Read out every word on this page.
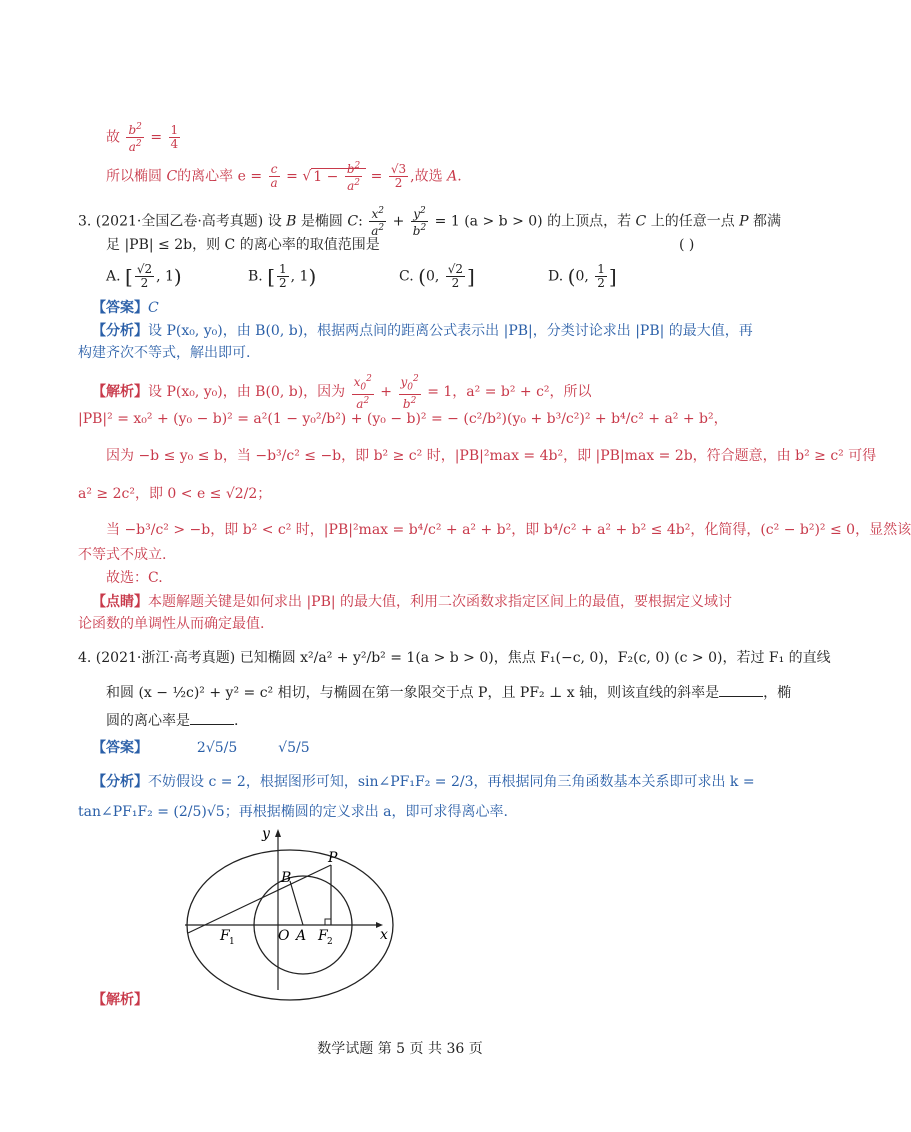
故 $\frac{b^2}{a^2} = \frac{1}{4}$
所以椭圆 C的离心率 $e = \frac{c}{a}$ = √ $1 - \frac{b^2}{a^2} = \frac{√3}{2}$ ,故选 A.
3. (2021·全国乙卷·高考真题) 设 B 是椭圆 C: $\frac{x^2}{a^2} + \frac{y^2}{b^2} = 1$ (a > b > 0) 的上顶点，若 C 上的任意一点 P 都满
足 |PB| ≤ 2b，则 C 的离心率的取值范围是	( )
A. [ $\frac{√2}{2}$ , 1)	B. [ $\frac{1}{2}$ , 1)	C. (0, $\frac{√2}{2}$ ]	D. (0, $\frac{1}{2}$ ]
【答案】C
【分析】设 P(x₀, y₀)，由 B(0, b)，根据两点间的距离公式表示出 |PB|，分类讨论求出 |PB| 的最大值，再
构建齐次不等式，解出即可.
【解析】设 P(x₀, y₀)，由 B(0, b)，因为 $\frac{x_0^2}{a^2} + \frac{y_0^2}{b^2} = 1$，a² = b² + c²，所以
|PB|² = x₀² + (y₀ − b)² = a²(1 − y₀²/b²) + (y₀ − b)² = − (c²/b²)(y₀ + b³/c²)² + b⁴/c² + a² + b²，
因为 −b ≤ y₀ ≤ b，当 −b³/c² ≤ −b，即 b² ≥ c² 时，|PB|²max = 4b²，即 |PB|max = 2b，符合题意，由 b² ≥ c² 可得
a² ≥ 2c²，即 0 < e ≤ √2/2；
当 −b³/c² > −b，即 b² < c² 时，|PB|²max = b⁴/c² + a² + b²，即 b⁴/c² + a² + b² ≤ 4b²，化简得，(c² − b²)² ≤ 0，显然该
不等式不成立.
故选：C.
【点睛】本题解题关键是如何求出 |PB| 的最大值，利用二次函数求指定区间上的最值，要根据定义域讨
论函数的单调性从而确定最值.
4. (2021·浙江·高考真题) 已知椭圆 x²/a² + y²/b² = 1(a > b > 0)，焦点 F₁(−c, 0)，F₂(c, 0) (c > 0)，若过 F₁ 的直线
和圆 (x − ½c)² + y² = c² 相切，与椭圆在第一象限交于点 P，且 PF₂ ⊥ x 轴，则该直线的斜率是	，椭
圆的离心率是	.
【答案】	2√5/5	√5/5
【分析】不妨假设 c = 2，根据图形可知，sin∠PF₁F₂ = 2/3，再根据同角三角函数基本关系即可求出 k =
tan∠PF₁F₂ = (2/5)√5；再根据椭圆的定义求出 a，即可求得离心率.
y
x
P
B
F 1	O A F 2
【解析】
数学试题 第 5 页 共 36 页
